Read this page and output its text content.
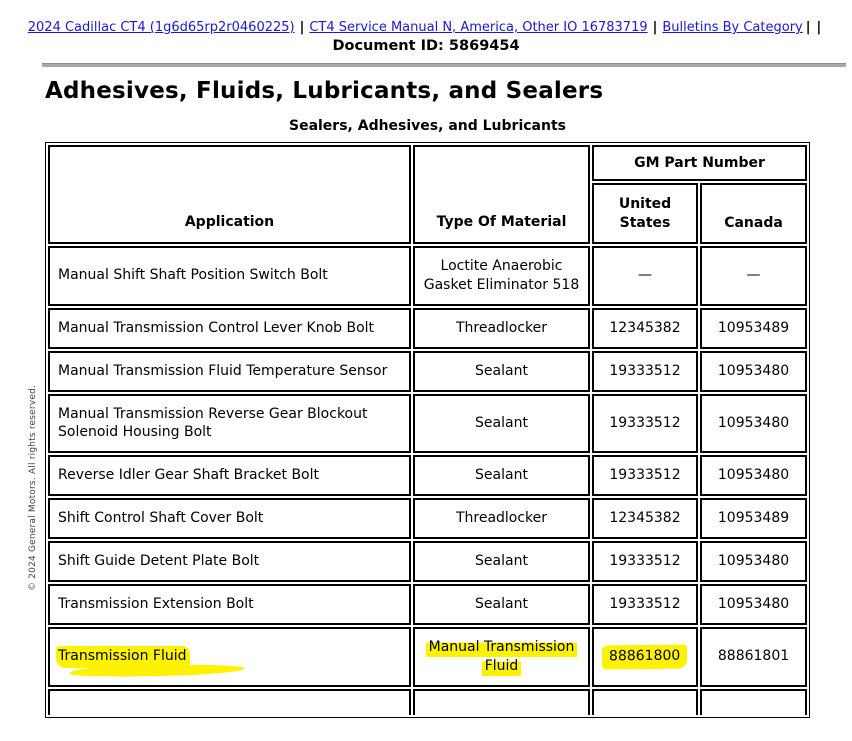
2024 Cadillac CT4 (1g6d65rp2r0460225) | CT4 Service Manual N, America, Other IO 16783719 | Bulletins By Category | |
Document ID: 5869454
Adhesives, Fluids, Lubricants, and Sealers
Sealers, Adhesives, and Lubricants
Application	Type Of Material	GM Part Number	
		United States	Canada
Manual Shift Shaft Position Switch Bolt	Loctite Anaerobic Gasket Eliminator 518	—	—
Manual Transmission Control Lever Knob Bolt	Threadlocker	12345382	10953489
Manual Transmission Fluid Temperature Sensor	Sealant	19333512	10953480
Manual Transmission Reverse Gear Blockout Solenoid Housing Bolt	Sealant	19333512	10953480
Reverse Idler Gear Shaft Bracket Bolt	Sealant	19333512	10953480
Shift Control Shaft Cover Bolt	Threadlocker	12345382	10953489
Shift Guide Detent Plate Bolt	Sealant	19333512	10953480
Transmission Extension Bolt	Sealant	19333512	10953480
Transmission Fluid	Manual Transmission Fluid	88861800	88861801

© 2024 General Motors. All rights reserved.
